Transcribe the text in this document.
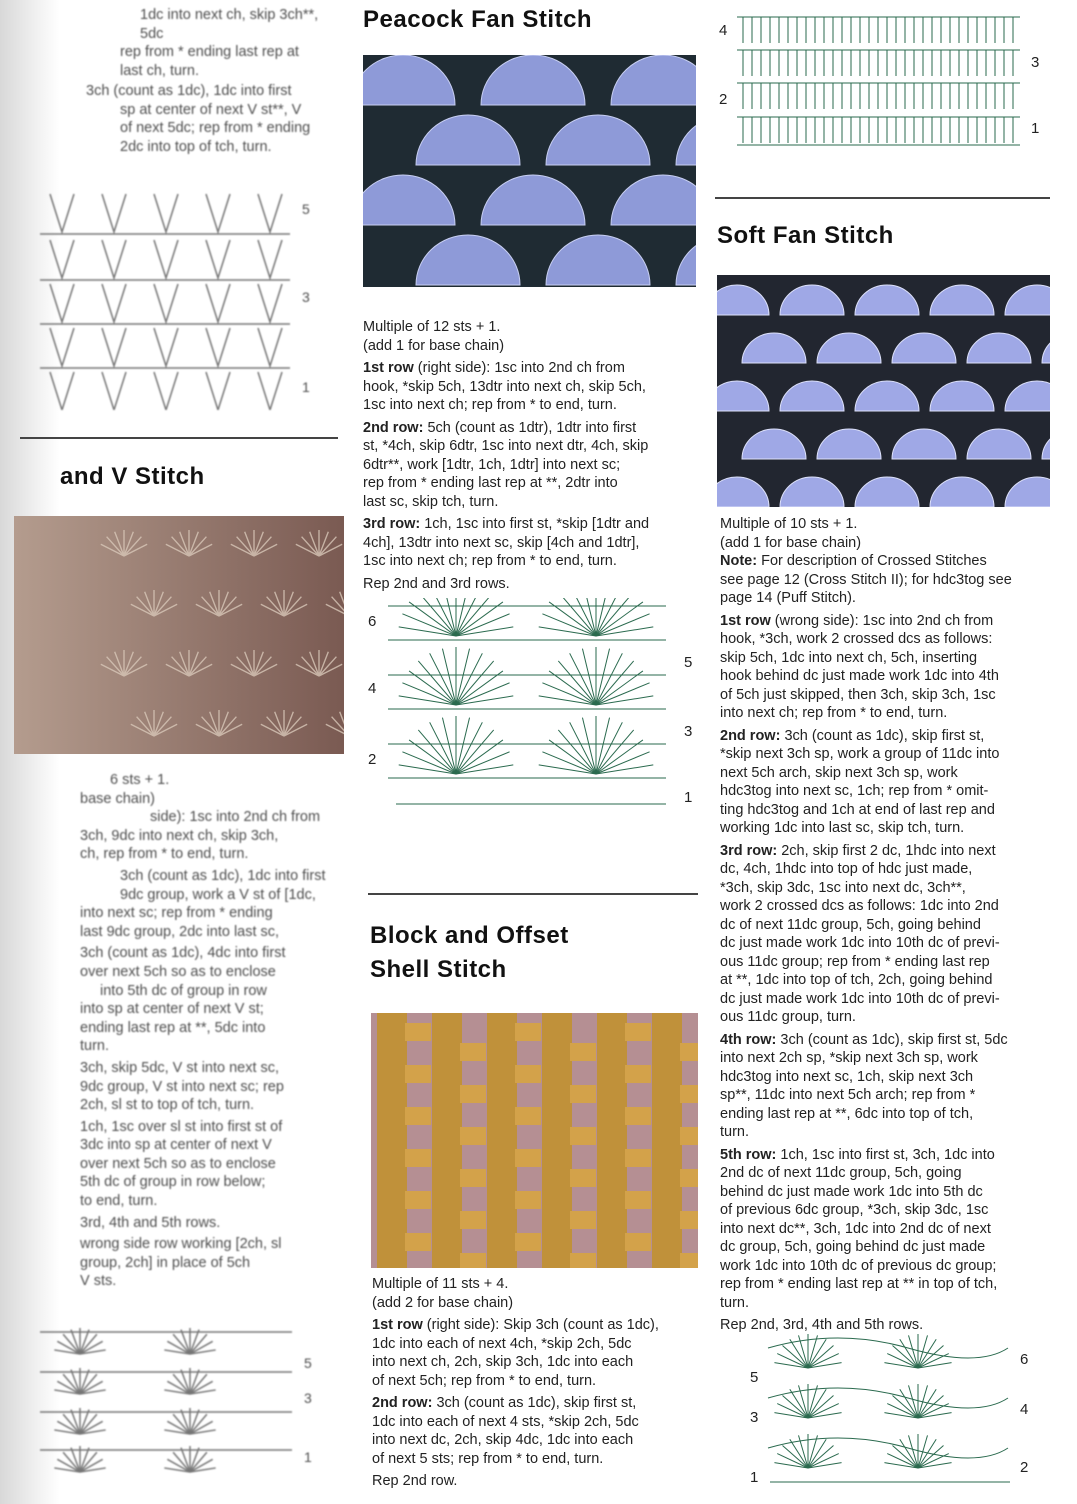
1dc into next ch, skip 3ch**, 5dc

rep from * ending last rep at

last ch, turn.

3ch (count as 1dc), 1dc into first

sp at center of next V st**, V

of next 5dc; rep from * ending

2dc into top of tch, turn.

5
3
1
and V Stitch

6 sts + 1.

base chain)

side): 1sc into 2nd ch from

3ch, 9dc into next ch, skip 3ch,

ch, rep from * to end, turn.

3ch (count as 1dc), 1dc into first

9dc group, work a V st of [1dc,

into next sc; rep from * ending

last 9dc group, 2dc into last sc,

3ch (count as 1dc), 4dc into first

over next 5ch so as to enclose

into 5th dc of group in row

into sp at center of next V st;

ending last rep at **, 5dc into

turn.

3ch, skip 5dc, V st into next sc,

9dc group, V st into next sc; rep

2ch, sl st to top of tch, turn.

1ch, 1sc over sl st into first st of

3dc into sp at center of next V

over next 5ch so as to enclose

5th dc of group in row below;

to end, turn.

3rd, 4th and 5th rows.

wrong side row working [2ch, sl

group, 2ch] in place of 5ch

V sts.

5
3
1
Peacock Fan Stitch

Multiple of 12 sts + 1.

(add 1 for base chain)

1st row (right side): 1sc into 2nd ch from

hook, *skip 5ch, 13dtr into next ch, skip 5ch,

1sc into next ch; rep from * to end, turn.

2nd row: 5ch (count as 1dtr), 1dtr into first

st, *4ch, skip 6dtr, 1sc into next dtr, 4ch, skip

6dtr**, work [1dtr, 1ch, 1dtr] into next sc;

rep from * ending last rep at **, 2dtr into

last sc, skip tch, turn.

3rd row: 1ch, 1sc into first st, *skip [1dtr and

4ch], 13dtr into next sc, skip [4ch and 1dtr],

1sc into next ch; rep from * to end, turn.

Rep 2nd and 3rd rows.

6
4
2
5
3
1
Block and Offset
Shell Stitch

Multiple of 11 sts + 4.

(add 2 for base chain)

1st row (right side): Skip 3ch (count as 1dc),

1dc into each of next 4ch, *skip 2ch, 5dc

into next ch, 2ch, skip 3ch, 1dc into each

of next 5ch; rep from * to end, turn.

2nd row: 3ch (count as 1dc), skip first st,

1dc into each of next 4 sts, *skip 2ch, 5dc

into next dc, 2ch, skip 4dc, 1dc into each

of next 5 sts; rep from * to end, turn.

Rep 2nd row.

4
2
3
1
Soft Fan Stitch

Multiple of 10 sts + 1.

(add 1 for base chain)

Note: For description of Crossed Stitches

see page 12 (Cross Stitch II); for hdc3tog see

page 14 (Puff Stitch).

1st row (wrong side): 1sc into 2nd ch from

hook, *3ch, work 2 crossed dcs as follows:

skip 5ch, 1dc into next ch, 5ch, inserting

hook behind dc just made work 1dc into 4th

of 5ch just skipped, then 3ch, skip 3ch, 1sc

into next ch; rep from * to end, turn.

2nd row: 3ch (count as 1dc), skip first st,

*skip next 3ch sp, work a group of 11dc into

next 5ch arch, skip next 3ch sp, work

hdc3tog into next sc, 1ch; rep from * omit-

ting hdc3tog and 1ch at end of last rep and

working 1dc into last sc, skip tch, turn.

3rd row: 2ch, skip first 2 dc, 1hdc into next

dc, 4ch, 1hdc into top of hdc just made,

*3ch, skip 3dc, 1sc into next dc, 3ch**,

work 2 crossed dcs as follows: 1dc into 2nd

dc of next 11dc group, 5ch, going behind

dc just made work 1dc into 10th dc of previ-

ous 11dc group; rep from * ending last rep

at **, 1dc into top of tch, 2ch, going behind

dc just made work 1dc into 10th dc of previ-

ous 11dc group, turn.

4th row: 3ch (count as 1dc), skip first st, 5dc

into next 2ch sp, *skip next 3ch sp, work

hdc3tog into next sc, 1ch, skip next 3ch

sp**, 11dc into next 5ch arch; rep from *

ending last rep at **, 6dc into top of tch,

turn.

5th row: 1ch, 1sc into first st, 3ch, 1dc into

2nd dc of next 11dc group, 5ch, going

behind dc just made work 1dc into 5th dc

of previous 6dc group, *3ch, skip 3dc, 1sc

into next dc**, 3ch, 1dc into 2nd dc of next

dc group, 5ch, going behind dc just made

work 1dc into 10th dc of previous dc group;

rep from * ending last rep at ** in top of tch,

turn.

Rep 2nd, 3rd, 4th and 5th rows.

5
3
1
6
4
2
